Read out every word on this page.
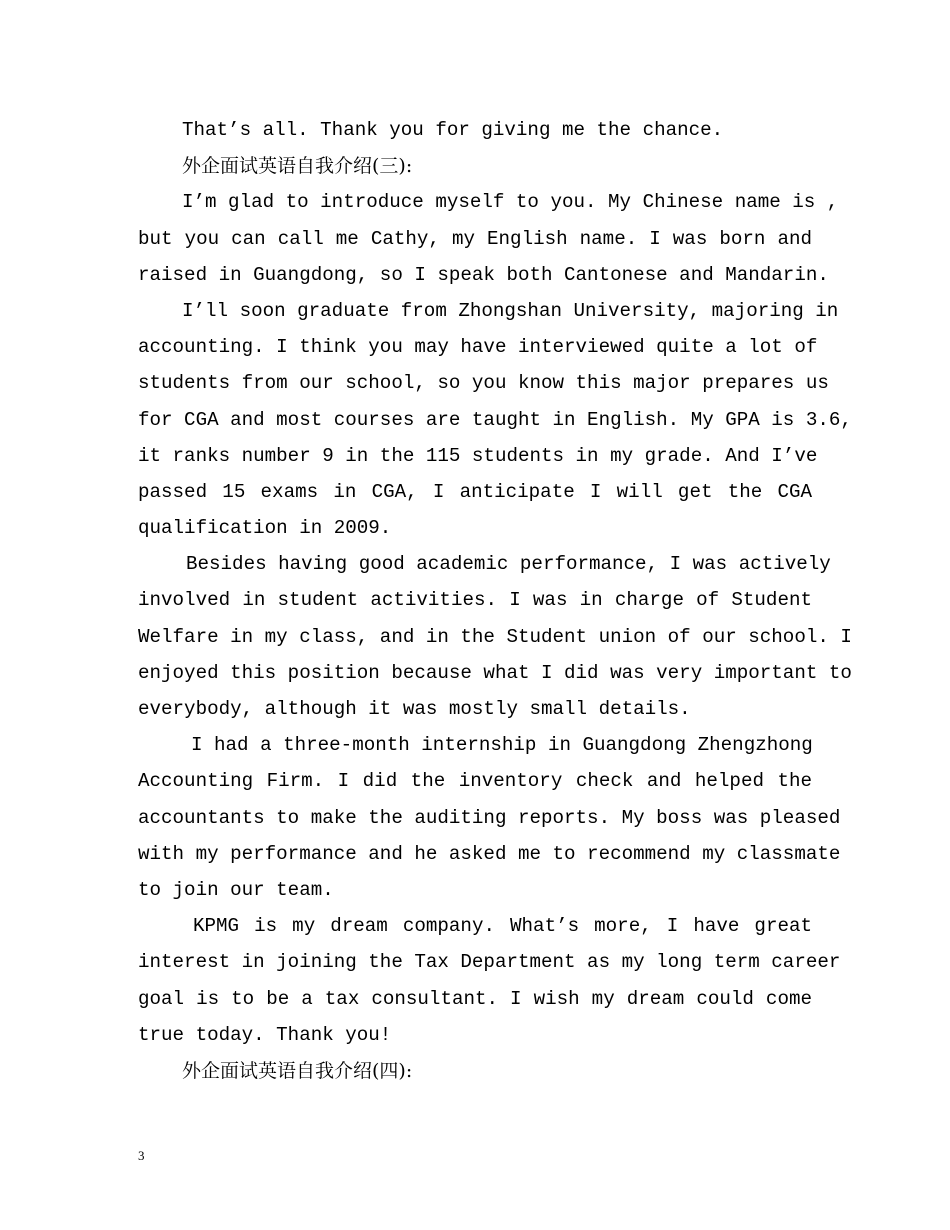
That’s all. Thank you for giving me the chance.
外企面试英语自我介绍(三):
I’m glad to introduce myself to you. My Chinese name is ,
but you can call me Cathy, my English name. I was born and
raised in Guangdong, so I speak both Cantonese and Mandarin.
I’ll soon graduate from Zhongshan University, majoring in
accounting. I think you may have interviewed quite a lot of
students from our school, so you know this major prepares us
for CGA and most courses are taught in English. My GPA is 3.6,
it ranks number 9 in the 115 students in my grade. And I’ve
passed 15 exams in CGA, I anticipate I will get the CGA
qualification in 2009.
Besides having good academic performance, I was actively
involved in student activities. I was in charge of Student
Welfare in my class, and in the Student union of our school. I
enjoyed this position because what I did was very important to
everybody, although it was mostly small details.
I had a three-month internship in Guangdong Zhengzhong
Accounting Firm. I did the inventory check and helped the
accountants to make the auditing reports. My boss was pleased
with my performance and he asked me to recommend my classmate
to join our team.
KPMG is my dream company. What’s more, I have great
interest in joining the Tax Department as my long term career
goal is to be a tax consultant. I wish my dream could come
true today. Thank you!
外企面试英语自我介绍(四):
3
